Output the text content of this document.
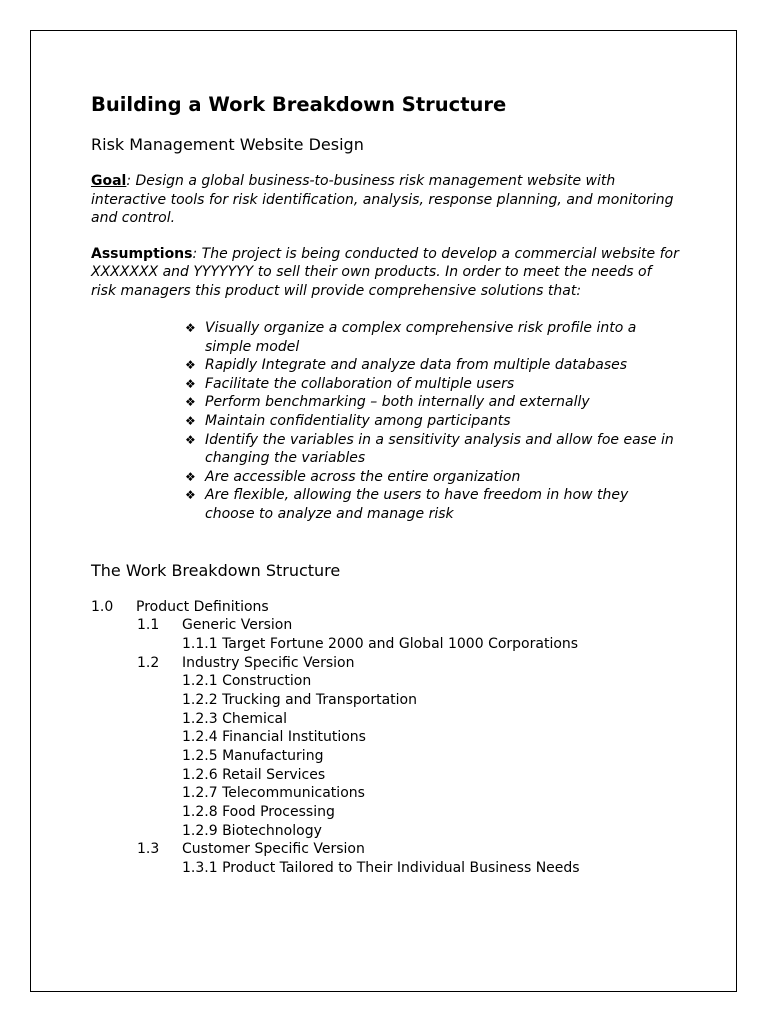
Building a Work Breakdown Structure
Risk Management Website Design
Goal: Design a global business-to-business risk management website with interactive tools for risk identification, analysis, response planning, and monitoring and control.
Assumptions: The project is being conducted to develop a commercial website for XXXXXXX and YYYYYYY to sell their own products. In order to meet the needs of risk managers this product will provide comprehensive solutions that:
❖ Visually organize a complex comprehensive risk profile into a simple model
❖ Rapidly Integrate and analyze data from multiple databases
❖ Facilitate the collaboration of multiple users
❖ Perform benchmarking – both internally and externally
❖ Maintain confidentiality among participants
❖ Identify the variables in a sensitivity analysis and allow foe ease in changing the variables
❖ Are accessible across the entire organization
❖ Are flexible, allowing the users to have freedom in how they choose to analyze and manage risk
The Work Breakdown Structure
1.0 Product Definitions
1.1 Generic Version
1.1.1 Target Fortune 2000 and Global 1000 Corporations
1.2 Industry Specific Version
1.2.1 Construction
1.2.2 Trucking and Transportation
1.2.3 Chemical
1.2.4 Financial Institutions
1.2.5 Manufacturing
1.2.6 Retail Services
1.2.7 Telecommunications
1.2.8 Food Processing
1.2.9 Biotechnology
1.3 Customer Specific Version
1.3.1 Product Tailored to Their Individual Business Needs
